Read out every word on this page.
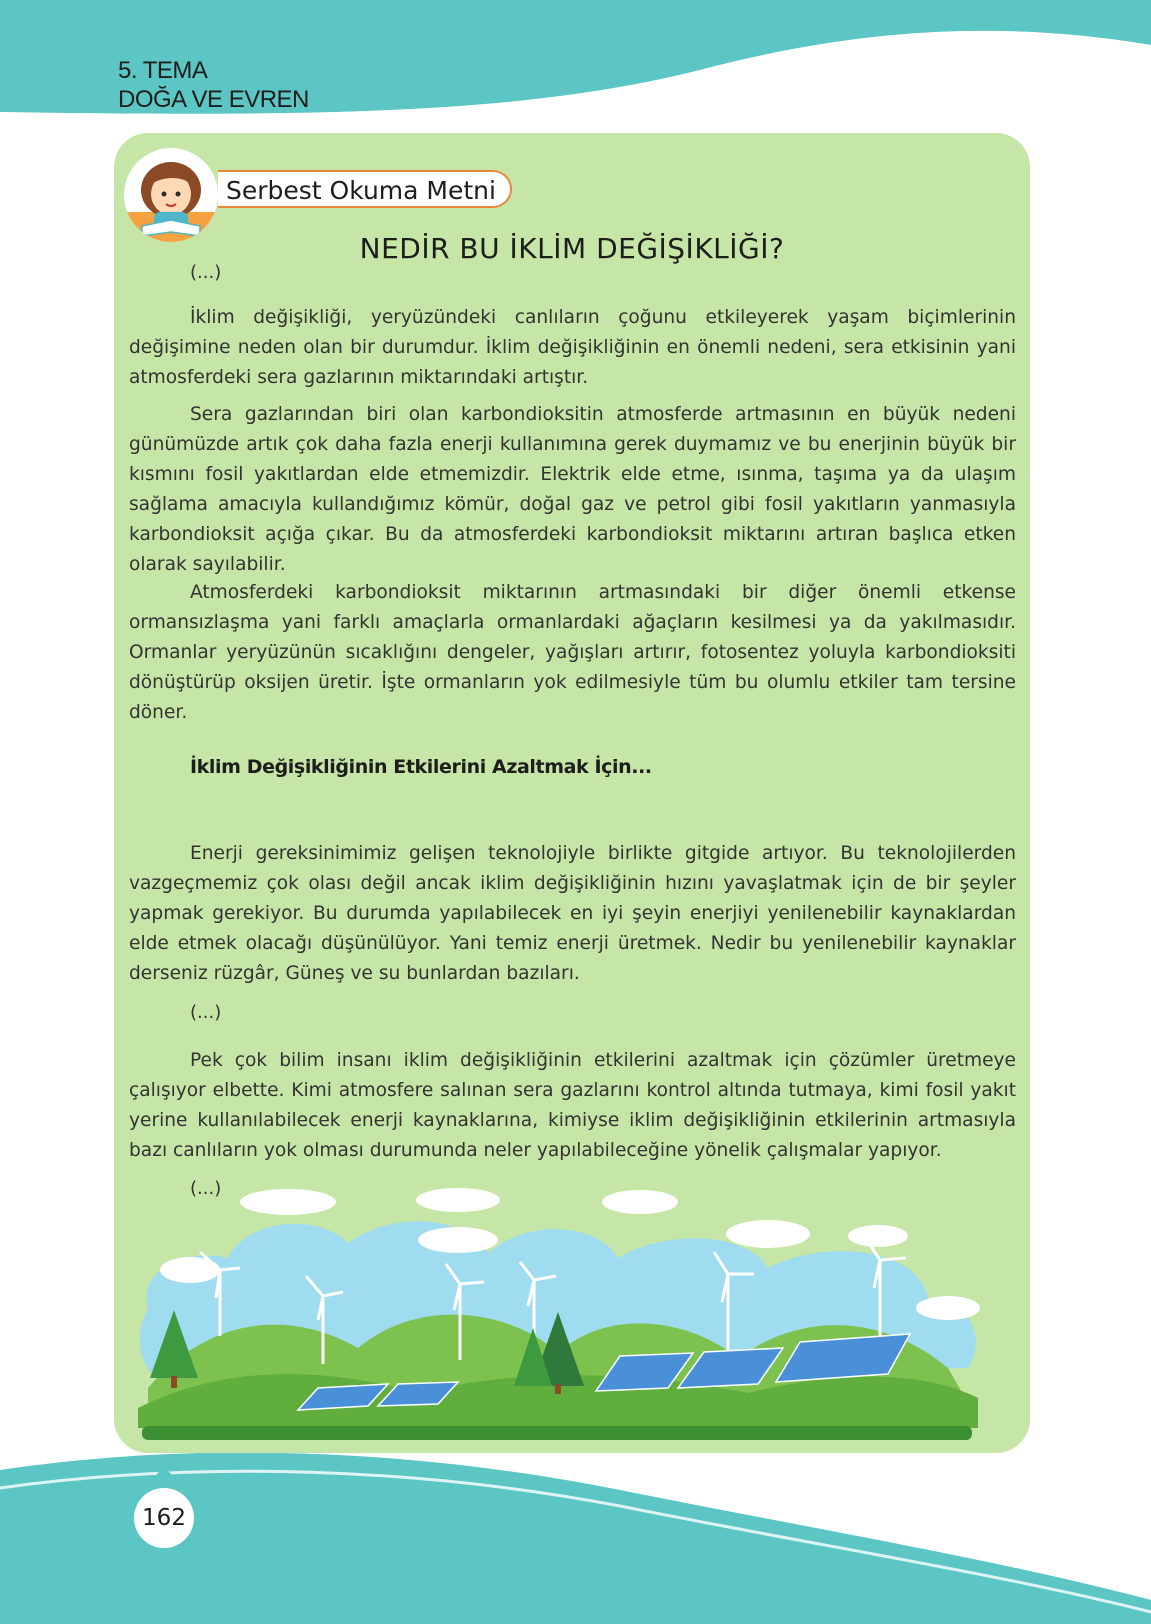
5. TEMA
DOĞA VE EVREN
Serbest Okuma Metni
NEDİR BU İKLİM DEĞİŞİKLİĞİ?
(...)
İklim değişikliği, yeryüzündeki canlıların çoğunu etkileyerek yaşam biçimlerinin değişimine neden olan bir durumdur. İklim değişikliğinin en önemli nedeni, sera etkisinin yani atmosferdeki sera gazlarının miktarındaki artıştır.
Sera gazlarından biri olan karbondioksitin atmosferde artmasının en büyük nedeni günümüzde artık çok daha fazla enerji kullanımına gerek duymamız ve bu enerjinin büyük bir kısmını fosil yakıtlardan elde etmemizdir. Elektrik elde etme, ısınma, taşıma ya da ulaşım sağlama amacıyla kullandığımız kömür, doğal gaz ve petrol gibi fosil yakıtların yanmasıyla karbondioksit açığa çıkar. Bu da atmosferdeki karbondioksit miktarını artıran başlıca etken olarak sayılabilir.
Atmosferdeki karbondioksit miktarının artmasındaki bir diğer önemli etkense ormansızlaşma yani farklı amaçlarla ormanlardaki ağaçların kesilmesi ya da yakılmasıdır. Ormanlar yeryüzünün sıcaklığını dengeler, yağışları artırır, fotosentez yoluyla karbondioksiti dönüştürüp oksijen üretir. İşte ormanların yok edilmesiyle tüm bu olumlu etkiler tam tersine döner.
İklim Değişikliğinin Etkilerini Azaltmak İçin...
Enerji gereksinimimiz gelişen teknolojiyle birlikte gitgide artıyor. Bu teknolojilerden vazgeçmemiz çok olası değil ancak iklim değişikliğinin hızını yavaşlatmak için de bir şeyler yapmak gerekiyor. Bu durumda yapılabilecek en iyi şeyin enerjiyi yenilenebilir kaynaklardan elde etmek olacağı düşünülüyor. Yani temiz enerji üretmek. Nedir bu yenilenebilir kaynaklar derseniz rüzgâr, Güneş ve su bunlardan bazıları.
(...)
Pek çok bilim insanı iklim değişikliğinin etkilerini azaltmak için çözümler üretmeye çalışıyor elbette. Kimi atmosfere salınan sera gazlarını kontrol altında tutmaya, kimi fosil yakıt yerine kullanılabilecek enerji kaynaklarına, kimiyse iklim değişikliğinin etkilerinin artmasıyla bazı canlıların yok olması durumunda neler yapılabileceğine yönelik çalışmalar yapıyor.
(...)
162
